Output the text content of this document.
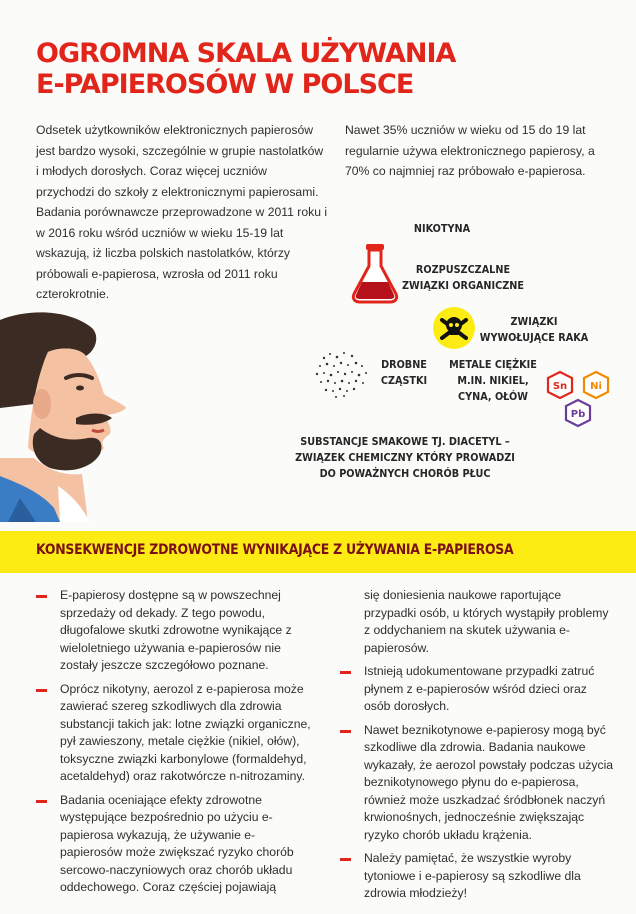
OGROMNA SKALA UŻYWANIA
E-PAPIEROSÓW W POLSCE

Odsetek użytkowników elektronicznych papierosów jest bardzo wysoki, szczególnie w grupie nastolatków i młodych dorosłych. Coraz więcej uczniów przychodzi do szkoły z elektronicznymi papierosami. Badania porównawcze przeprowadzone w 2011 roku i w 2016 roku wśród uczniów w wieku 15-19 lat wskazują, iż liczba polskich nastolatków, którzy próbowali e-papierosa, wzrosła od 2011 roku czterokrotnie.

Nawet 35% uczniów w wieku od 15 do 19 lat regularnie używa elektronicznego papierosy, a 70% co najmniej raz próbowało e-papierosa.

NIKOTYNA
ROZPUSZCZALNE
ZWIĄZKI ORGANICZNE
ZWIĄZKI
WYWOŁUJĄCE RAKA
DROBNE
CZĄSTKI
METALE CIĘŻKIE
M.IN. NIKIEL,
CYNA, OŁÓW
Sn Ni
Pb
SUBSTANCJE SMAKOWE TJ. DIACETYL –
ZWIĄZEK CHEMICZNY KTÓRY PROWADZI
DO POWAŻNYCH CHORÓB PŁUC
KONSEKWENCJE ZDROWOTNE WYNIKAJĄCE Z UŻYWANIA E-PAPIEROSA
E-papierosy dostępne są w powszechnej sprzedaży od dekady. Z tego powodu, długofalowe skutki zdrowotne wynikające z wieloletniego używania e-papierosów nie zostały jeszcze szczegółowo poznane.
Oprócz nikotyny, aerozol z e-papierosa może zawierać szereg szkodliwych dla zdrowia substancji takich jak: lotne związki organiczne, pył zawieszony, metale ciężkie (nikiel, ołów), toksyczne związki karbonylowe (formaldehyd, acetaldehyd) oraz rakotwórcze n-nitrozaminy.
Badania oceniające efekty zdrowotne występujące bezpośrednio po użyciu e-papierosa wykazują, że używanie e-papierosów może zwiększać ryzyko chorób sercowo-naczyniowych oraz chorób układu oddechowego. Coraz częściej pojawiają
się doniesienia naukowe raportujące przypadki osób, u których wystąpiły problemy z oddychaniem na skutek używania e-papierosów.
Istnieją udokumentowane przypadki zatruć płynem z e-papierosów wśród dzieci oraz osób dorosłych.
Nawet beznikotynowe e-papierosy mogą być szkodliwe dla zdrowia. Badania naukowe wykazały, że aerozol powstały podczas użycia beznikotynowego płynu do e-papierosa, również może uszkadzać śródbłonek naczyń krwionośnych, jednocześnie zwiększając ryzyko chorób układu krążenia.
Należy pamiętać, że wszystkie wyroby tytoniowe i e-papierosy są szkodliwe dla zdrowia młodzieży!
